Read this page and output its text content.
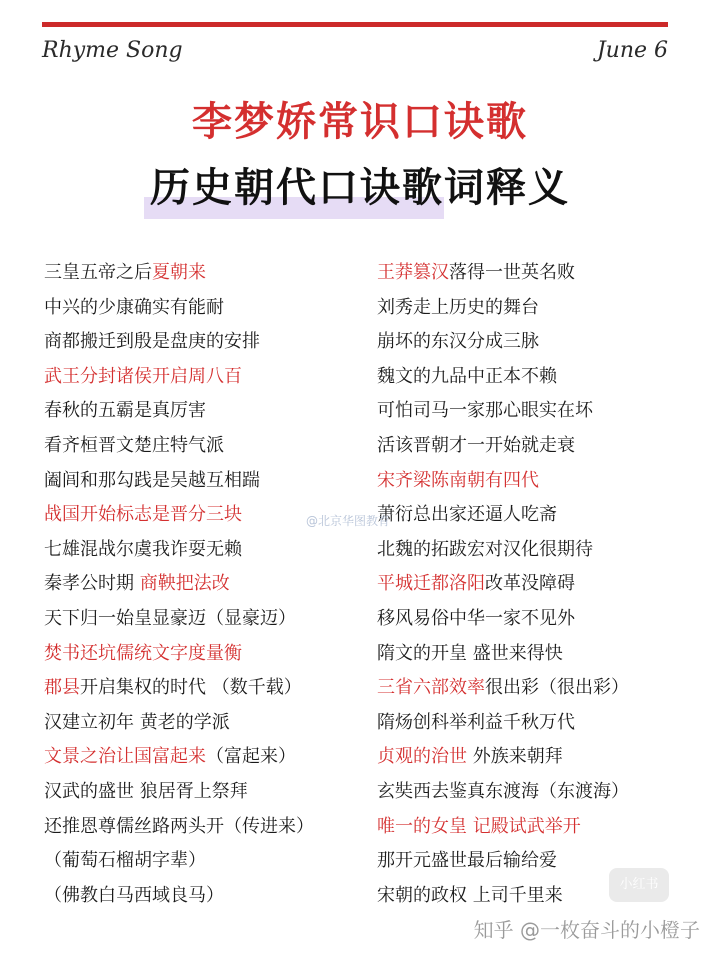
Rhyme Song	June 6
李梦娇常识口诀歌
历史朝代口诀歌词释义
三皇五帝之后夏朝来
中兴的少康确实有能耐
商都搬迁到殷是盘庚的安排
武王分封诸侯开启周八百
春秋的五霸是真厉害
看齐桓晋文楚庄特气派
阖闾和那勾践是吴越互相踹
战国开始标志是晋分三块
七雄混战尔虞我诈耍无赖
秦孝公时期 商鞅把法改
天下归一始皇显豪迈（显豪迈）
焚书还坑儒统文字度量衡
郡县开启集权的时代 （数千载）
汉建立初年 黄老的学派
文景之治让国富起来（富起来）
汉武的盛世 狼居胥上祭拜
还推恩尊儒丝路两头开（传进来）
（葡萄石榴胡字辈）
（佛教白马西域良马）
王莽篡汉落得一世英名败
刘秀走上历史的舞台
崩坏的东汉分成三脉
魏文的九品中正本不赖
可怕司马一家那心眼实在坏
活该晋朝才一开始就走衰
宋齐梁陈南朝有四代
萧衍总出家还逼人吃斋
北魏的拓跋宏对汉化很期待
平城迁都洛阳改革没障碍
移风易俗中华一家不见外
隋文的开皇 盛世来得快
三省六部效率很出彩（很出彩）
隋炀创科举利益千秋万代
贞观的治世 外族来朝拜
玄奘西去鉴真东渡海（东渡海）
唯一的女皇 记殿试武举开
那开元盛世最后输给爱
宋朝的政权 上司千里来
@北京华图教育
小红书
知乎 @一枚奋斗的小橙子
